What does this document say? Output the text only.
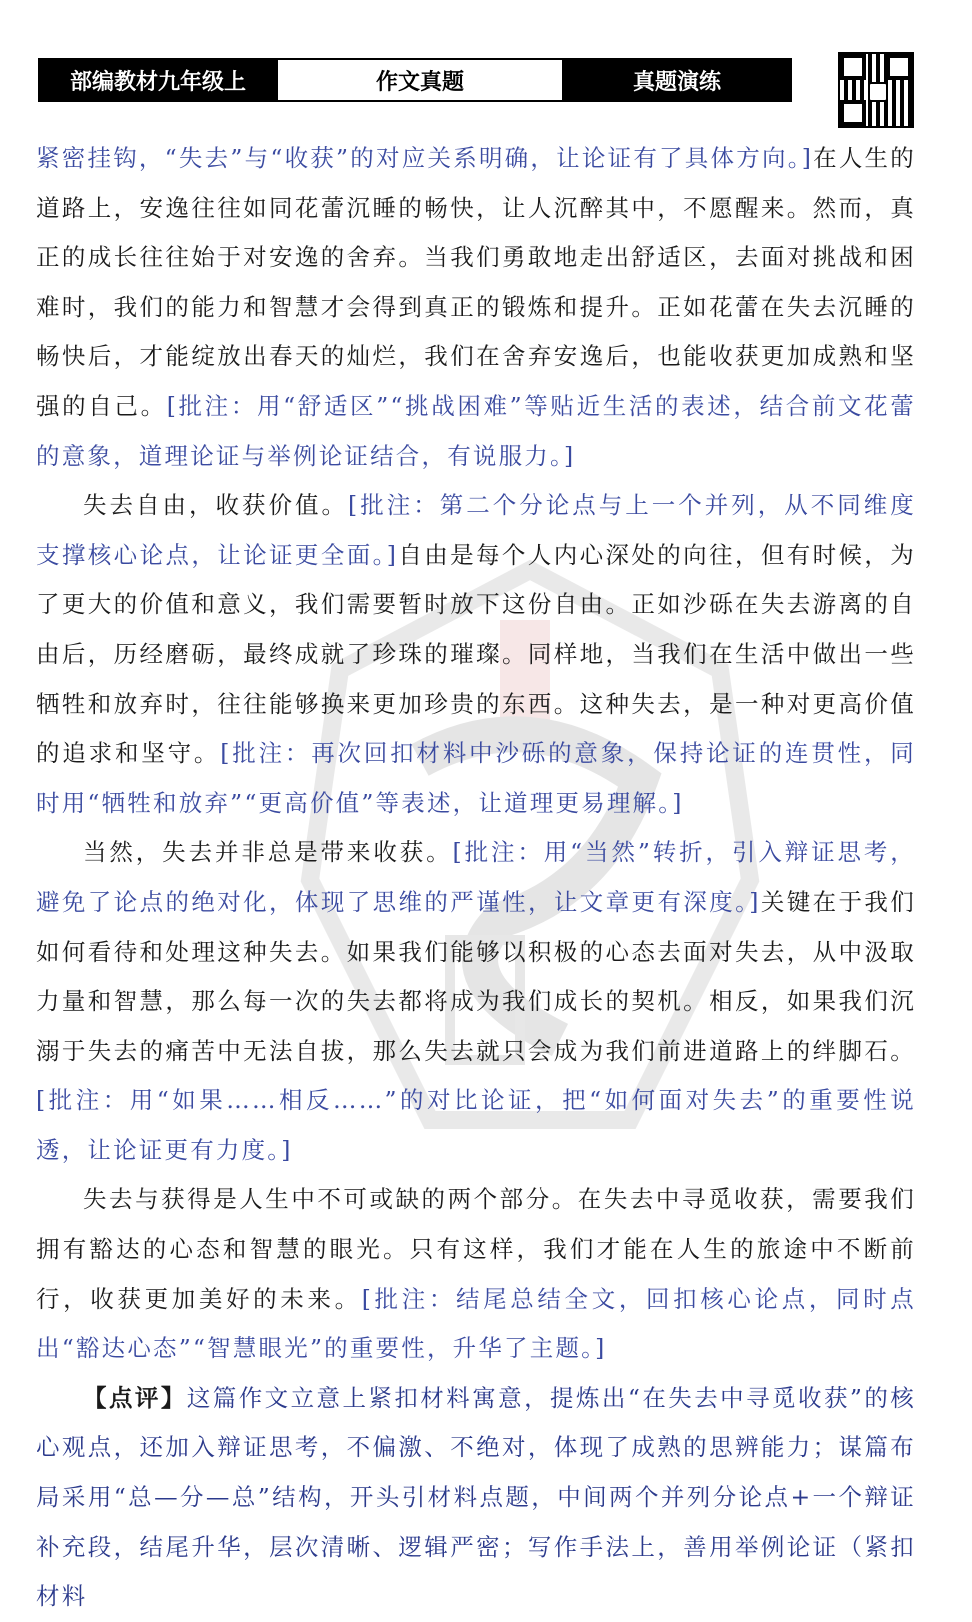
部编教材九年级上	作文真题	真题演练

紧密挂钩，“失去”与“收获”的对应关系明确，让论证有了具体方向。]在人生的道路上，安逸往往如同花蕾沉睡的畅快，让人沉醉其中，不愿醒来。然而，真正的成长往往始于对安逸的舍弃。当我们勇敢地走出舒适区，去面对挑战和困难时，我们的能力和智慧才会得到真正的锻炼和提升。正如花蕾在失去沉睡的畅快后，才能绽放出春天的灿烂，我们在舍弃安逸后，也能收获更加成熟和坚强的自己。[批注：用“舒适区”“挑战困难”等贴近生活的表述，结合前文花蕾的意象，道理论证与举例论证结合，有说服力。]

失去自由，收获价值。[批注：第二个分论点与上一个并列，从不同维度支撑核心论点，让论证更全面。]自由是每个人内心深处的向往，但有时候，为了更大的价值和意义，我们需要暂时放下这份自由。正如沙砾在失去游离的自由后，历经磨砺，最终成就了珍珠的璀璨。同样地，当我们在生活中做出一些牺牲和放弃时，往往能够换来更加珍贵的东西。这种失去，是一种对更高价值的追求和坚守。[批注：再次回扣材料中沙砾的意象，保持论证的连贯性，同时用“牺牲和放弃”“更高价值”等表述，让道理更易理解。]

当然，失去并非总是带来收获。[批注：用“当然”转折，引入辩证思考，避免了论点的绝对化，体现了思维的严谨性，让文章更有深度。]关键在于我们如何看待和处理这种失去。如果我们能够以积极的心态去面对失去，从中汲取力量和智慧，那么每一次的失去都将成为我们成长的契机。相反，如果我们沉溺于失去的痛苦中无法自拔，那么失去就只会成为我们前进道路上的绊脚石。[批注：用“如果……相反……”的对比论证，把“如何面对失去”的重要性说透，让论证更有力度。]

失去与获得是人生中不可或缺的两个部分。在失去中寻觅收获，需要我们拥有豁达的心态和智慧的眼光。只有这样，我们才能在人生的旅途中不断前行，收获更加美好的未来。[批注：结尾总结全文，回扣核心论点，同时点出“豁达心态”“智慧眼光”的重要性，升华了主题。]

【点评】这篇作文立意上紧扣材料寓意，提炼出“在失去中寻觅收获”的核心观点，还加入辩证思考，不偏激、不绝对，体现了成熟的思辨能力；谋篇布局采用“总—分—总”结构，开头引材料点题，中间两个并列分论点+一个辩证补充段，结尾升华，层次清晰、逻辑严密；写作手法上，善用举例论证（紧扣材料
